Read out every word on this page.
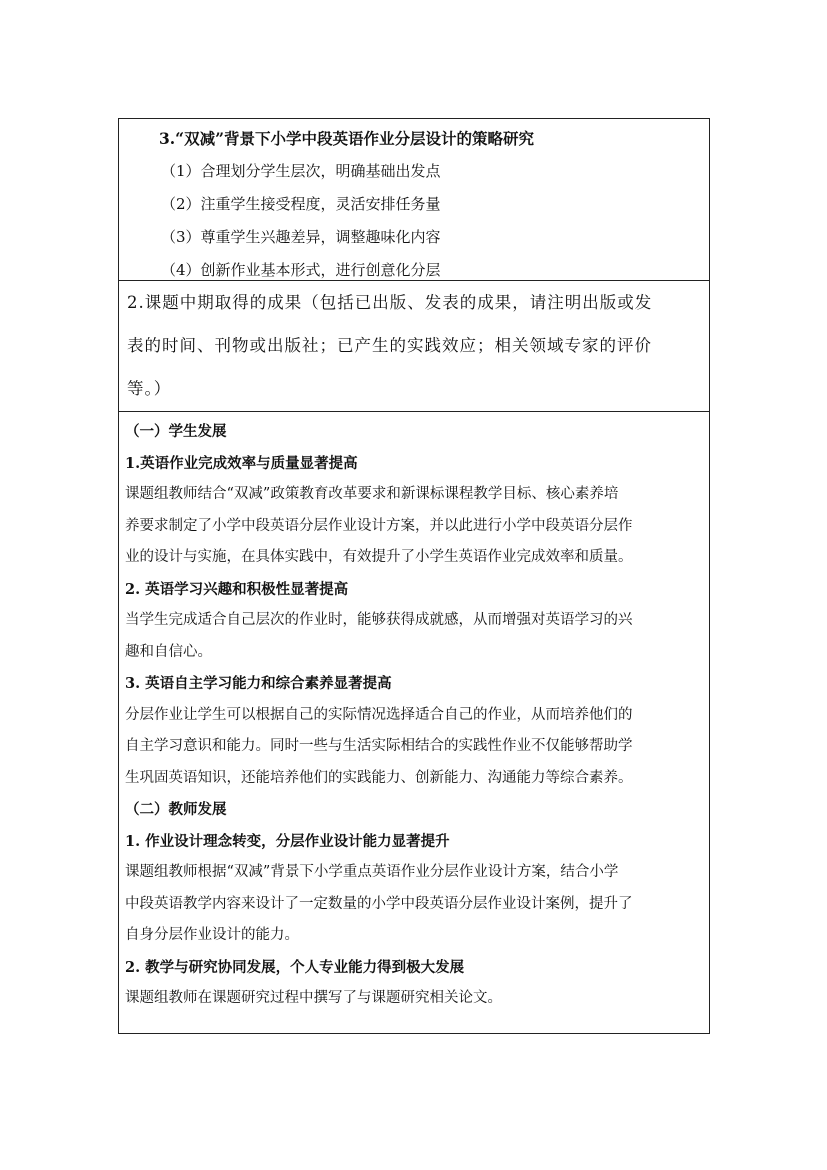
3.“双减”背景下小学中段英语作业分层设计的策略研究
（1）合理划分学生层次，明确基础出发点
（2）注重学生接受程度，灵活安排任务量
（3）尊重学生兴趣差异，调整趣味化内容
（4）创新作业基本形式，进行创意化分层
2.课题中期取得的成果（包括已出版、发表的成果，请注明出版或发
表的时间、刊物或出版社；已产生的实践效应；相关领域专家的评价
等。）
（一）学生发展
1.英语作业完成效率与质量显著提高
课题组教师结合“双减”政策教育改革要求和新课标课程教学目标、核心素养培
养要求制定了小学中段英语分层作业设计方案，并以此进行小学中段英语分层作
业的设计与实施，在具体实践中，有效提升了小学生英语作业完成效率和质量。
2. 英语学习兴趣和积极性显著提高
当学生完成适合自己层次的作业时，能够获得成就感，从而增强对英语学习的兴
趣和自信心。
3. 英语自主学习能力和综合素养显著提高
分层作业让学生可以根据自己的实际情况选择适合自己的作业，从而培养他们的
自主学习意识和能力。同时一些与生活实际相结合的实践性作业不仅能够帮助学
生巩固英语知识，还能培养他们的实践能力、创新能力、沟通能力等综合素养。
（二）教师发展
1. 作业设计理念转变，分层作业设计能力显著提升
课题组教师根据“双减”背景下小学重点英语作业分层作业设计方案，结合小学
中段英语教学内容来设计了一定数量的小学中段英语分层作业设计案例，提升了
自身分层作业设计的能力。
2. 教学与研究协同发展，个人专业能力得到极大发展
课题组教师在课题研究过程中撰写了与课题研究相关论文。
